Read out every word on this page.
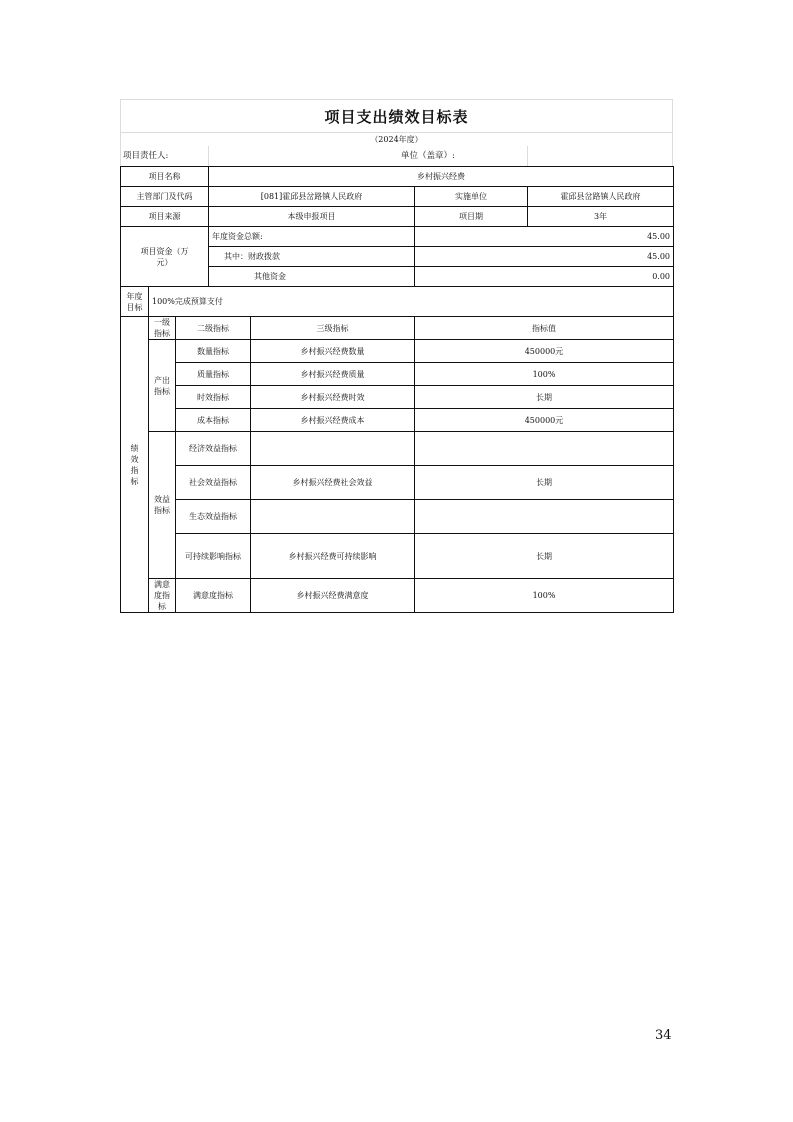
项目支出绩效目标表
（2024年度）
项目责任人:	单位（盖章）:
项目名称			乡村振兴经费			
主管部门及代码			[081]霍邱县岔路镇人民政府		实施单位	霍邱县岔路镇人民政府
项目来源			本级申报项目		项目期	3年
项目资金（万元）			年度资金总额:		45.00	
			其中：财政拨款		45.00	
			其他资金		0.00	
年度目标	100%完成预算支付					
绩效指标	一级指标	二级指标		三级指标	指标值	
	产出指标	数量指标		乡村振兴经费数量	450000元	
		质量指标		乡村振兴经费质量	100%	
		时效指标		乡村振兴经费时效	长期	
		成本指标		乡村振兴经费成本	450000元	
	效益指标	经济效益指标				
		社会效益指标		乡村振兴经费社会效益	长期	
		生态效益指标				
		可持续影响指标		乡村振兴经费可持续影响	长期	
	满意度指标	满意度指标		乡村振兴经费满意度	100%	
34
